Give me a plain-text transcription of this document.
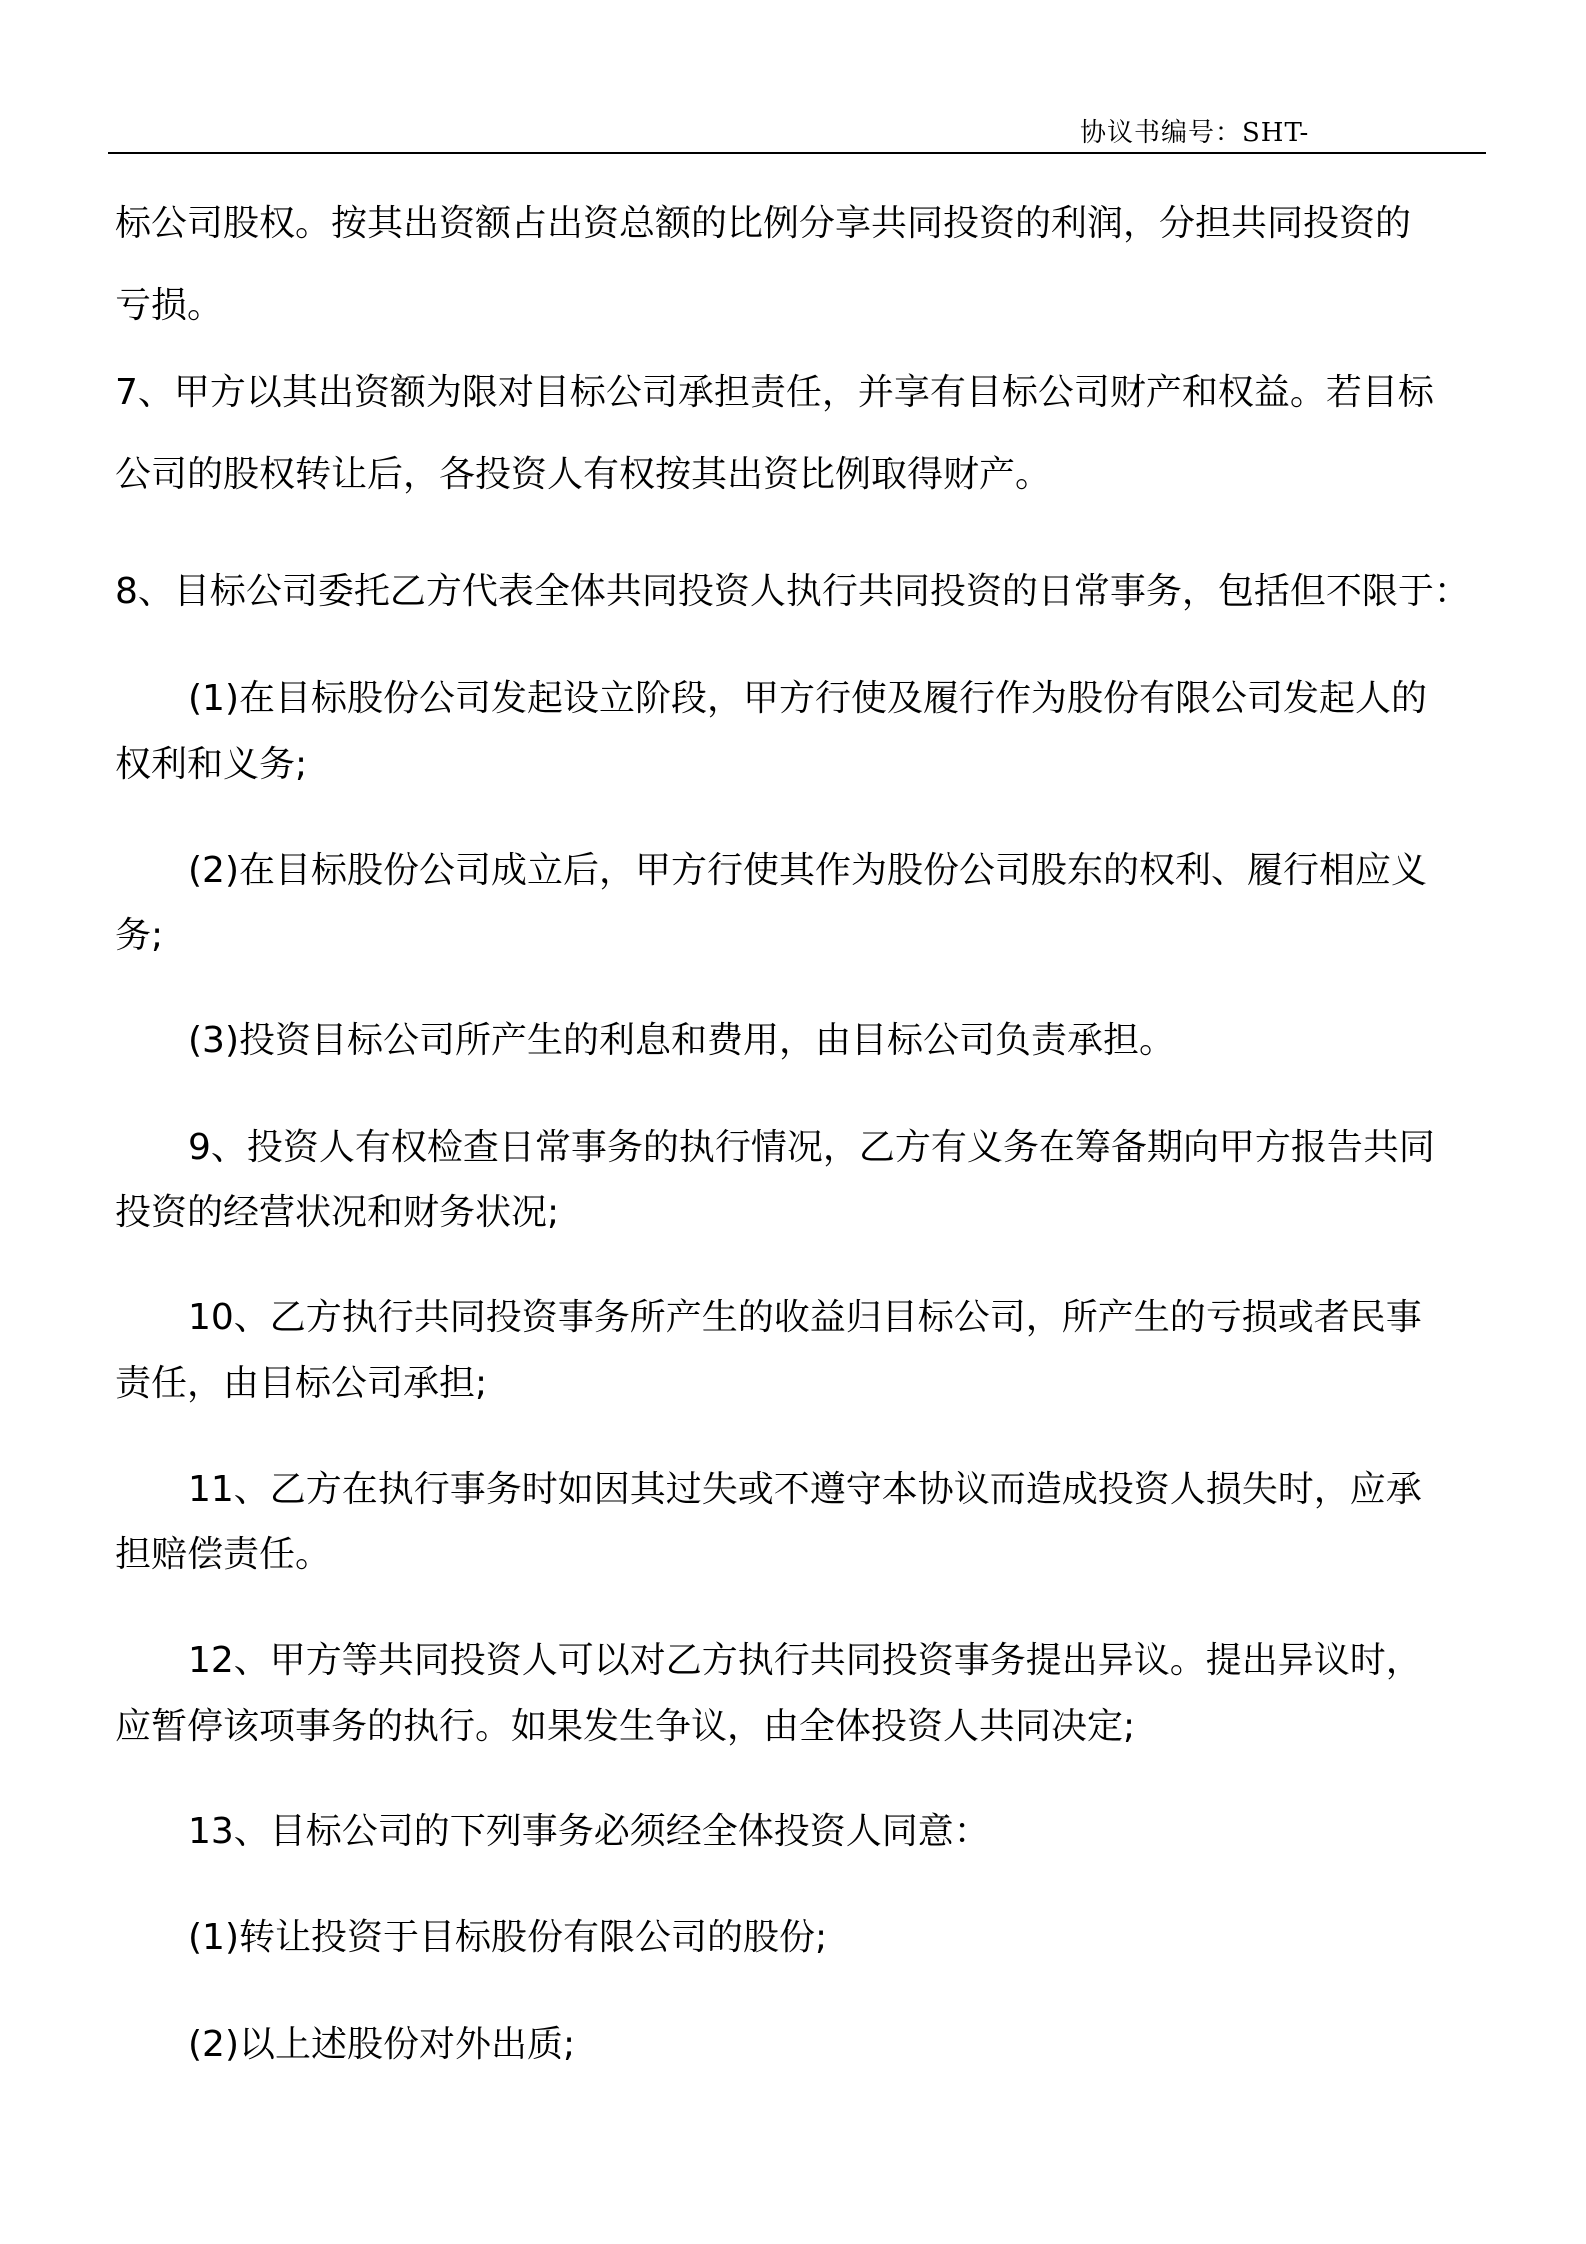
协议书编号：SHT-
标公司股权。按其出资额占出资总额的比例分享共同投资的利润，分担共同投资的
亏损。
7、甲方以其出资额为限对目标公司承担责任，并享有目标公司财产和权益。若目标
公司的股权转让后，各投资人有权按其出资比例取得财产。
8、目标公司委托乙方代表全体共同投资人执行共同投资的日常事务，包括但不限于：
(1)在目标股份公司发起设立阶段，甲方行使及履行作为股份有限公司发起人的
权利和义务;
(2)在目标股份公司成立后，甲方行使其作为股份公司股东的权利、履行相应义
务;
(3)投资目标公司所产生的利息和费用，由目标公司负责承担。
9、投资人有权检查日常事务的执行情况，乙方有义务在筹备期向甲方报告共同
投资的经营状况和财务状况;
10、乙方执行共同投资事务所产生的收益归目标公司，所产生的亏损或者民事
责任，由目标公司承担;
11、乙方在执行事务时如因其过失或不遵守本协议而造成投资人损失时，应承
担赔偿责任。
12、甲方等共同投资人可以对乙方执行共同投资事务提出异议。提出异议时，
应暂停该项事务的执行。如果发生争议，由全体投资人共同决定;
13、目标公司的下列事务必须经全体投资人同意：
(1)转让投资于目标股份有限公司的股份;
(2)以上述股份对外出质;
